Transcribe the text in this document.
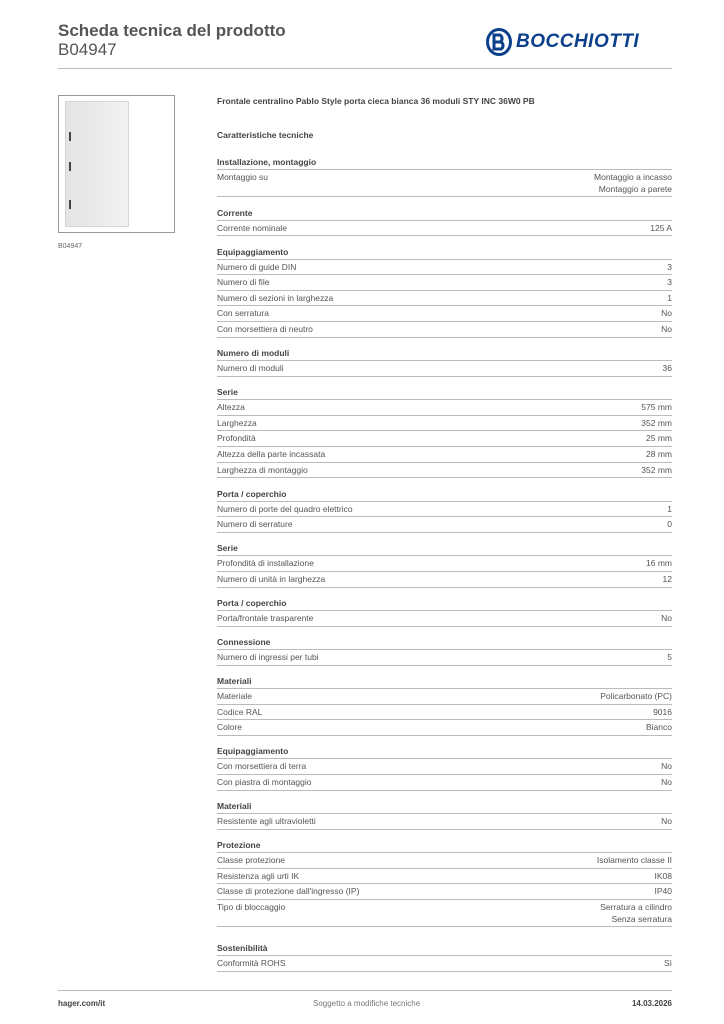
Scheda tecnica del prodotto
B04947	BOCCHIOTTI
B04947
Frontale centralino Pablo Style porta cieca bianca 36 moduli STY INC 36W0 PB
Caratteristiche tecniche
Installazione, montaggio
Montaggio su	Montaggio a incasso
Montaggio a parete
Corrente
Corrente nominale	125 A
Equipaggiamento
Numero di guide DIN	3
Numero di file	3
Numero di sezioni in larghezza	1
Con serratura	No
Con morsettiera di neutro	No
Numero di moduli
Numero di moduli	36
Serie
Altezza	575 mm
Larghezza	352 mm
Profondità	25 mm
Altezza della parte incassata	28 mm
Larghezza di montaggio	352 mm
Porta / coperchio
Numero di porte del quadro elettrico	1
Numero di serrature	0
Serie
Profondità di installazione	16 mm
Numero di unità in larghezza	12
Porta / coperchio
Porta/frontale trasparente	No
Connessione
Numero di ingressi per tubi	5
Materiali
Materiale	Policarbonato (PC)
Codice RAL	9016
Colore	Bianco
Equipaggiamento
Con morsettiera di terra	No
Con piastra di montaggio	No
Materiali
Resistente agli ultravioletti	No
Protezione
Classe protezione	Isolamento classe II
Resistenza agli urti IK	IK08
Classe di protezione dall'ingresso (IP)	IP40
Tipo di bloccaggio	Serratura a cilindro
Senza serratura
Sostenibilità
Conformità ROHS	Sì
hager.com/it	Soggetto a modifiche tecniche	14.03.2026
